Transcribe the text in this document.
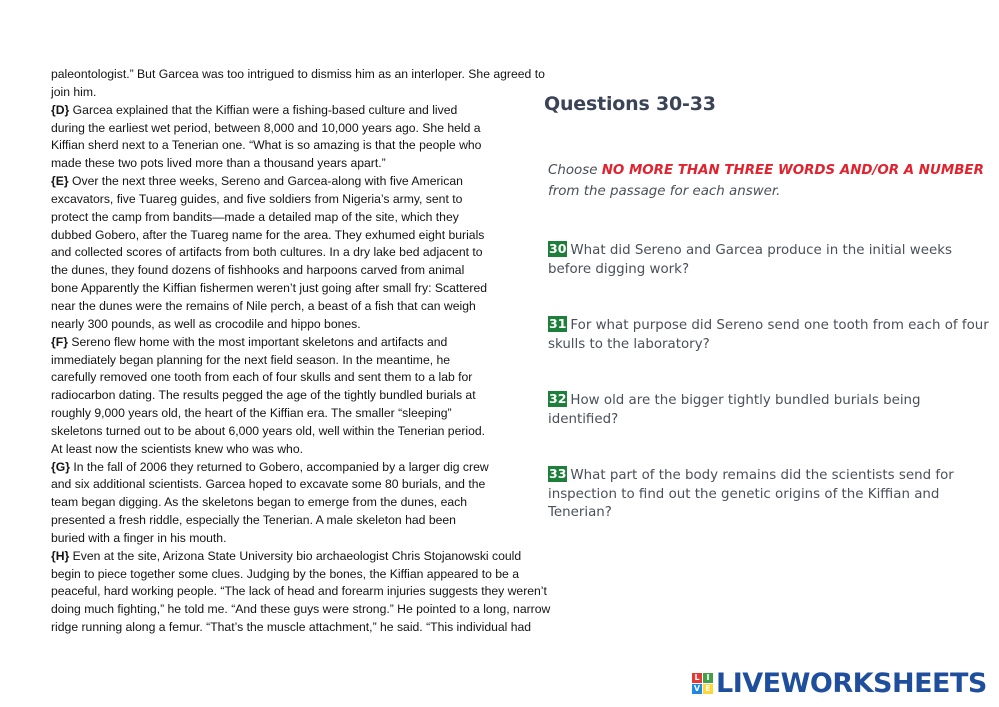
paleontologist.” But Garcea was too intrigued to dismiss him as an interloper. She agreed to
join him.
{D} Garcea explained that the Kiffian were a fishing-based culture and lived
during the earliest wet period, between 8,000 and 10,000 years ago. She held a
Kiffian sherd next to a Tenerian one. “What is so amazing is that the people who
made these two pots lived more than a thousand years apart.”
{E} Over the next three weeks, Sereno and Garcea-along with five American
excavators, five Tuareg guides, and five soldiers from Nigeria’s army, sent to
protect the camp from bandits—made a detailed map of the site, which they
dubbed Gobero, after the Tuareg name for the area. They exhumed eight burials
and collected scores of artifacts from both cultures. In a dry lake bed adjacent to
the dunes, they found dozens of fishhooks and harpoons carved from animal
bone Apparently the Kiffian fishermen weren’t just going after small fry: Scattered
near the dunes were the remains of Nile perch, a beast of a fish that can weigh
nearly 300 pounds, as well as crocodile and hippo bones.
{F} Sereno flew home with the most important skeletons and artifacts and
immediately began planning for the next field season. In the meantime, he
carefully removed one tooth from each of four skulls and sent them to a lab for
radiocarbon dating. The results pegged the age of the tightly bundled burials at
roughly 9,000 years old, the heart of the Kiffian era. The smaller “sleeping”
skeletons turned out to be about 6,000 years old, well within the Tenerian period.
At least now the scientists knew who was who.
{G} In the fall of 2006 they returned to Gobero, accompanied by a larger dig crew
and six additional scientists. Garcea hoped to excavate some 80 burials, and the
team began digging. As the skeletons began to emerge from the dunes, each
presented a fresh riddle, especially the Tenerian. A male skeleton had been
buried with a finger in his mouth.
{H} Even at the site, Arizona State University bio archaeologist Chris Stojanowski could
begin to piece together some clues. Judging by the bones, the Kiffian appeared to be a
peaceful, hard working people. “The lack of head and forearm injuries suggests they weren’t
doing much fighting,” he told me. “And these guys were strong.” He pointed to a long, narrow
ridge running along a femur. “That’s the muscle attachment,” he said. “This individual had
Questions 30-33
Choose NO MORE THAN THREE WORDS AND/OR A NUMBER
from the passage for each answer.
30 What did Sereno and Garcea produce in the initial weeks
before digging work?
31 For what purpose did Sereno send one tooth from each of four
skulls to the laboratory?
32 How old are the bigger tightly bundled burials being
identified?
33 What part of the body remains did the scientists send for
inspection to find out the genetic origins of the Kiffian and
Tenerian?
L I
V E LIVEWORKSHEETS
